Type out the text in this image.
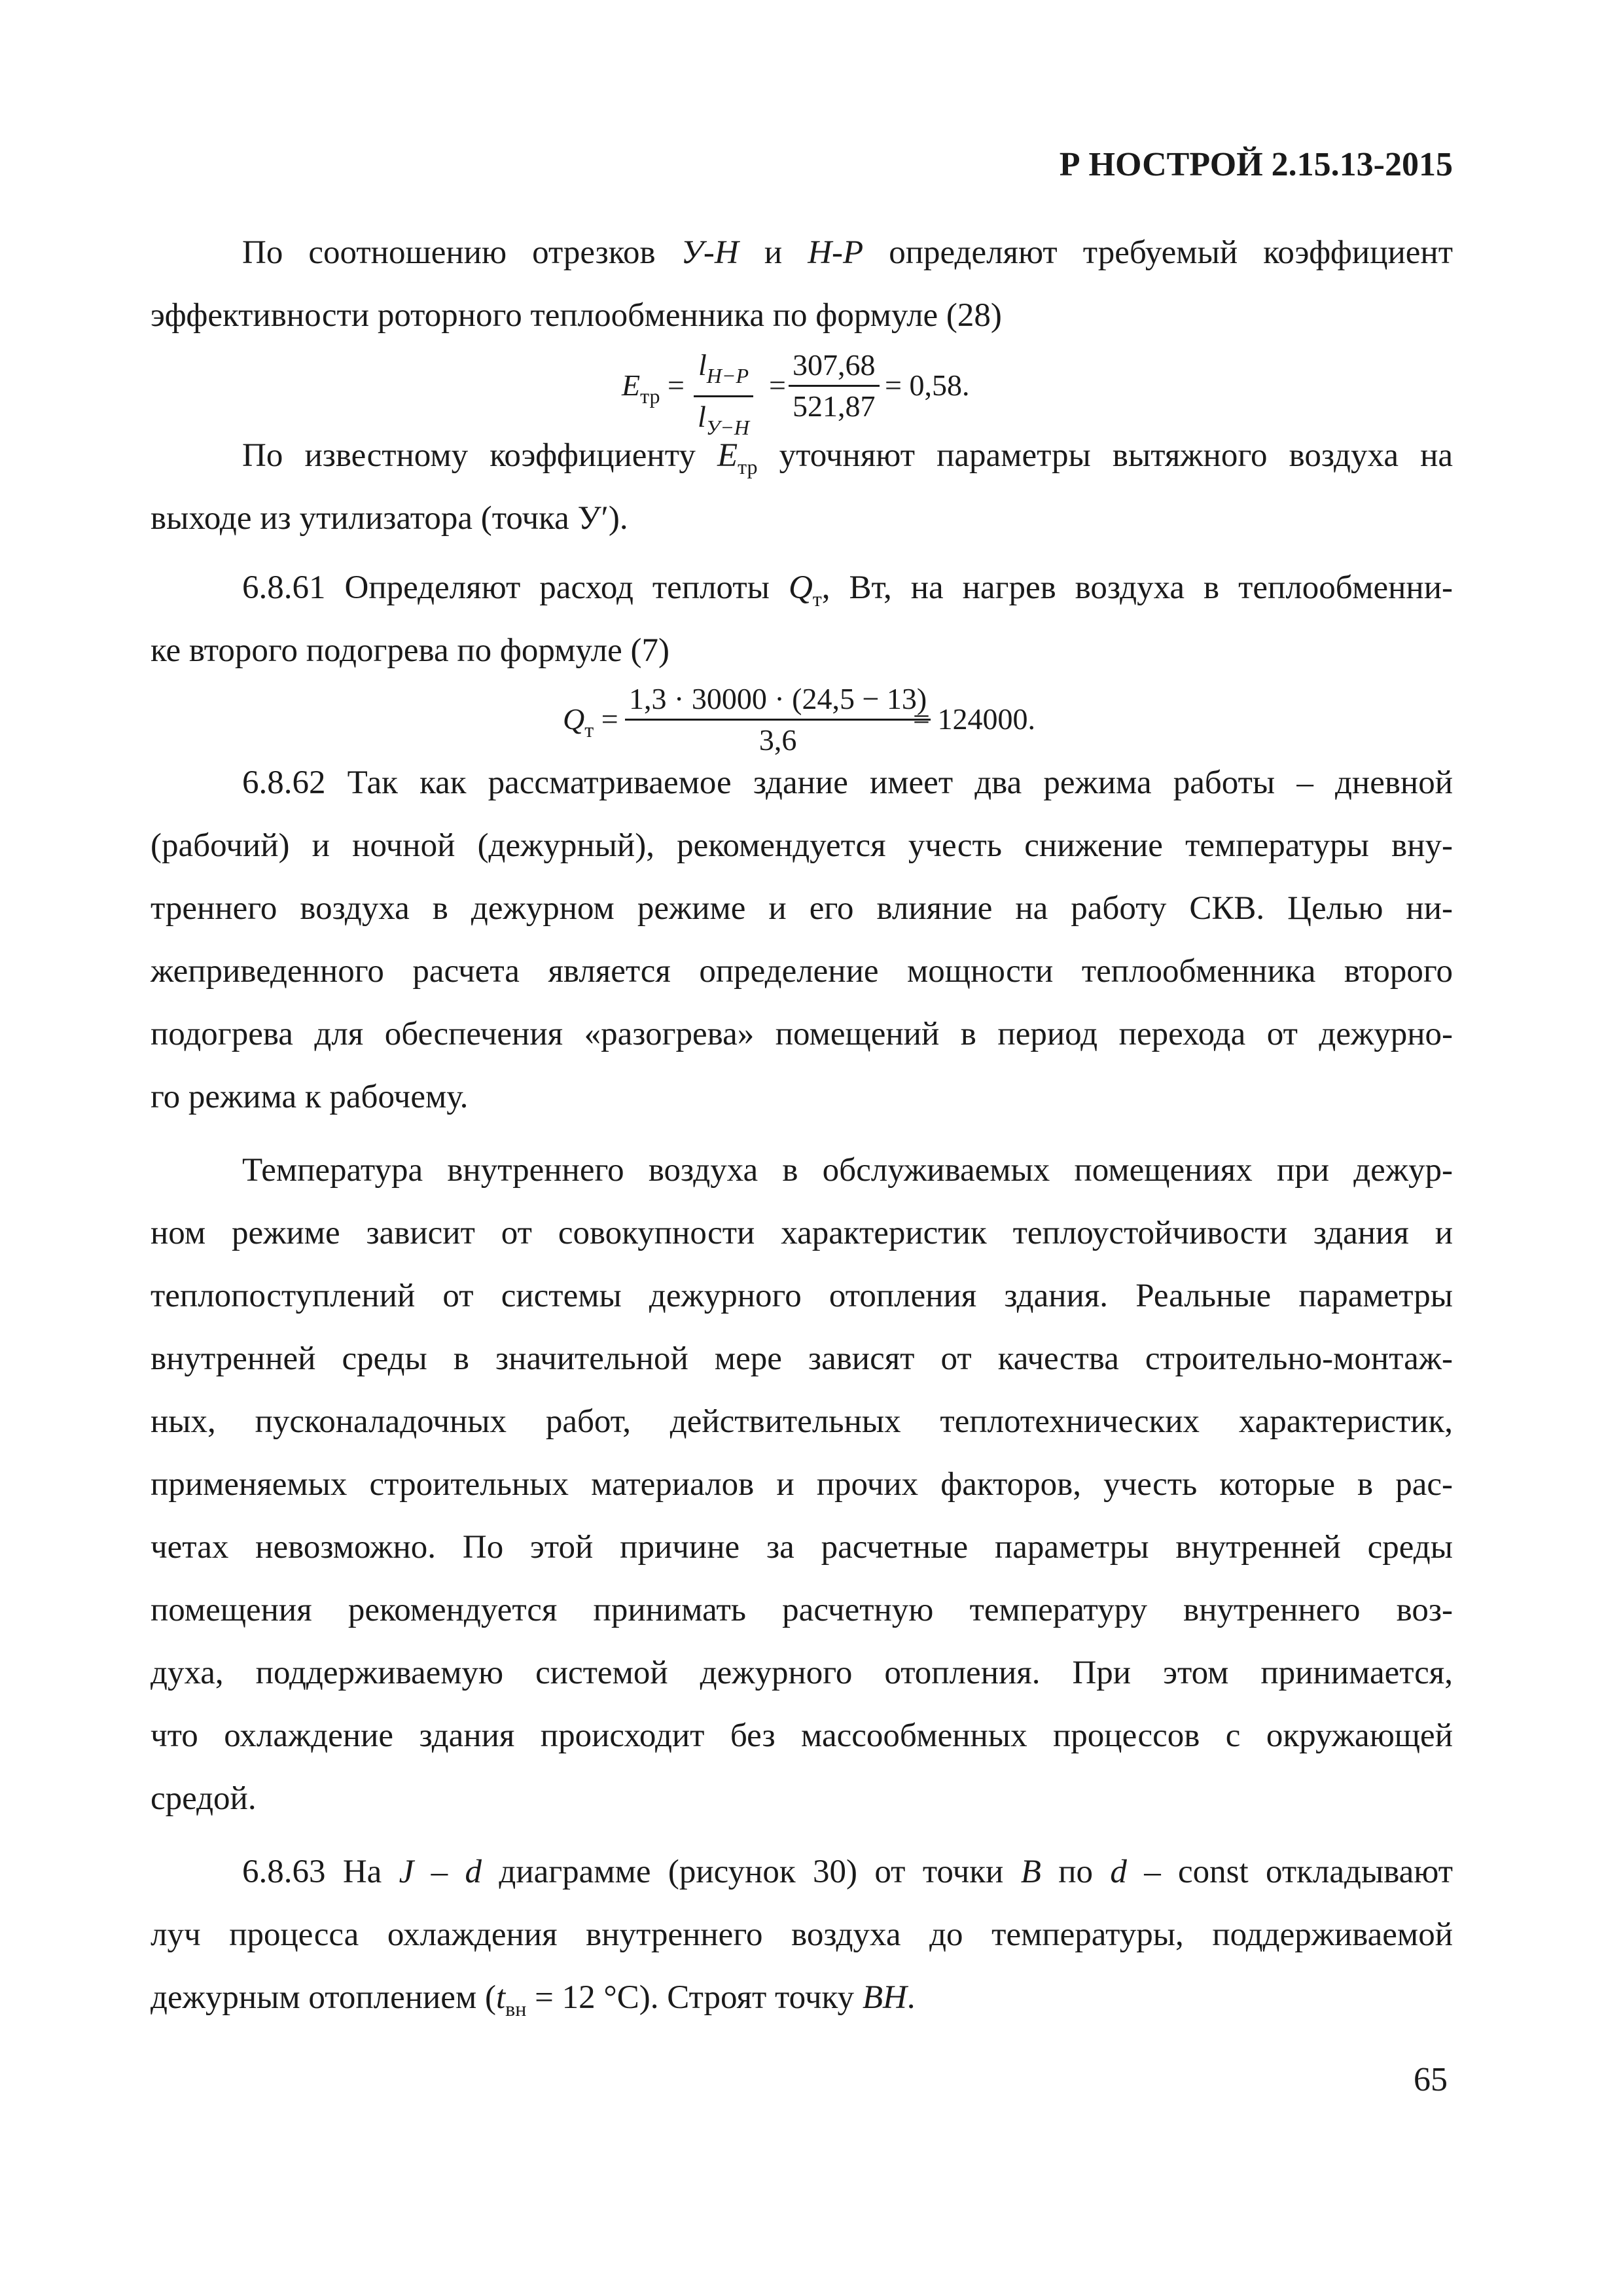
Р НОСТРОЙ 2.15.13-2015
По соотношению отрезков У-Н и Н-Р определяют требуемый коэффициент
эффективности роторного теплообменника по формуле (28)
$E_{тр}$ =
$l_{Н-Р}$
$l_{У-Н}$
= $\frac{307,68}{521,87} = 0,58$.
По известному коэффициенту $E_{тр}$ уточняют параметры вытяжного воздуха на
выходе из утилизатора (точка У′).
6.8.61 Определяют расход теплоты $Q_т$, Вт, на нагрев воздуха в теплообменни-
ке второго подогрева по формуле (7)
$Q_т = \frac{1,3 \cdot 30000 \cdot (24,5 - 13)}{3,6}$
= 124000.
6.8.62 Так как рассматриваемое здание имеет два режима работы – дневной
(рабочий) и ночной (дежурный), рекомендуется учесть снижение температуры вну-
треннего воздуха в дежурном режиме и его влияние на работу СКВ. Целью ни-
жеприведенного расчета является определение мощности теплообменника второго
подогрева для обеспечения «разогрева» помещений в период перехода от дежурно-
го режима к рабочему.
Температура внутреннего воздуха в обслуживаемых помещениях при дежур-
ном режиме зависит от совокупности характеристик теплоустойчивости здания и
теплопоступлений от системы дежурного отопления здания. Реальные параметры
внутренней среды в значительной мере зависят от качества строительно-монтаж-
ных, пусконаладочных работ, действительных теплотехнических характеристик,
применяемых строительных материалов и прочих факторов, учесть которые в рас-
четах невозможно. По этой причине за расчетные параметры внутренней среды
помещения рекомендуется принимать расчетную температуру внутреннего воз-
духа, поддерживаемую системой дежурного отопления. При этом принимается,
что охлаждение здания происходит без массообменных процессов с окружающей
средой.
6.8.63 На J – d диаграмме (рисунок 30) от точки В по d – const откладывают
луч процесса охлаждения внутреннего воздуха до температуры, поддерживаемой
дежурным отоплением ($t_{вн} = 12$ °С). Строят точку ВН.
65
